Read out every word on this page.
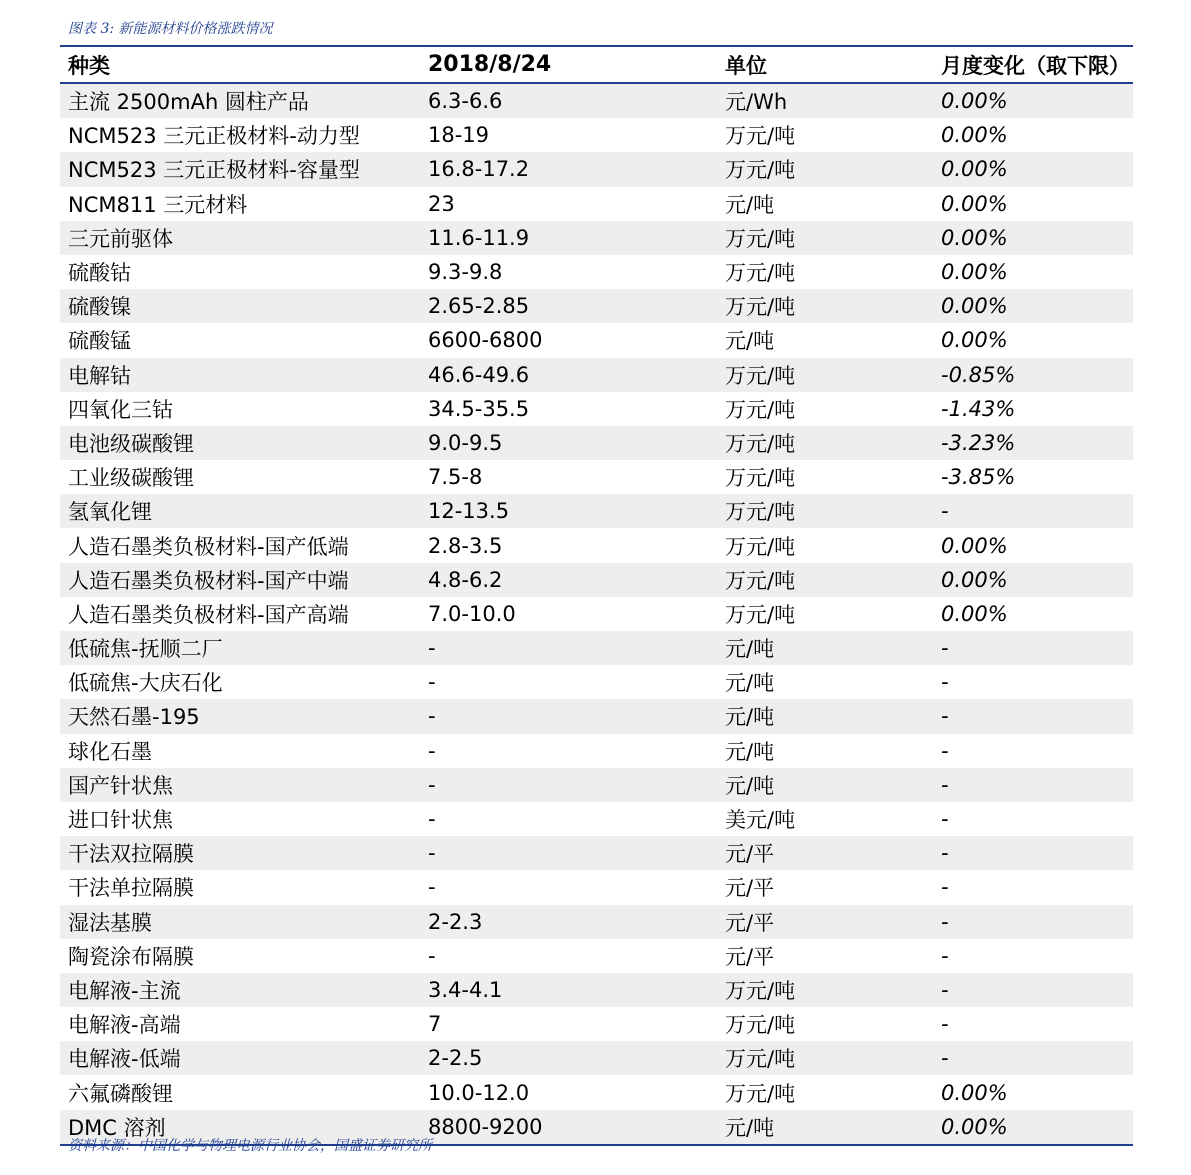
图表 3: 新能源材料价格涨跌情况
种类	2018/8/24	单位	月度变化（取下限）
主流 2500mAh 圆柱产品	6.3-6.6	元/Wh	0.00%
NCM523 三元正极材料-动力型	18-19	万元/吨	0.00%
NCM523 三元正极材料-容量型	16.8-17.2	万元/吨	0.00%
NCM811 三元材料	23	元/吨	0.00%
三元前驱体	11.6-11.9	万元/吨	0.00%
硫酸钴	9.3-9.8	万元/吨	0.00%
硫酸镍	2.65-2.85	万元/吨	0.00%
硫酸锰	6600-6800	元/吨	0.00%
电解钴	46.6-49.6	万元/吨	-0.85%
四氧化三钴	34.5-35.5	万元/吨	-1.43%
电池级碳酸锂	9.0-9.5	万元/吨	-3.23%
工业级碳酸锂	7.5-8	万元/吨	-3.85%
氢氧化锂	12-13.5	万元/吨	-
人造石墨类负极材料-国产低端	2.8-3.5	万元/吨	0.00%
人造石墨类负极材料-国产中端	4.8-6.2	万元/吨	0.00%
人造石墨类负极材料-国产高端	7.0-10.0	万元/吨	0.00%
低硫焦-抚顺二厂	-	元/吨	-
低硫焦-大庆石化	-	元/吨	-
天然石墨-195	-	元/吨	-
球化石墨	-	元/吨	-
国产针状焦	-	元/吨	-
进口针状焦	-	美元/吨	-
干法双拉隔膜	-	元/平	-
干法单拉隔膜	-	元/平	-
湿法基膜	2-2.3	元/平	-
陶瓷涂布隔膜	-	元/平	-
电解液-主流	3.4-4.1	万元/吨	-
电解液-高端	7	万元/吨	-
电解液-低端	2-2.5	万元/吨	-
六氟磷酸锂	10.0-12.0	万元/吨	0.00%
DMC 溶剂	8800-9200	元/吨	0.00%
资料来源：中国化学与物理电源行业协会，国盛证券研究所
